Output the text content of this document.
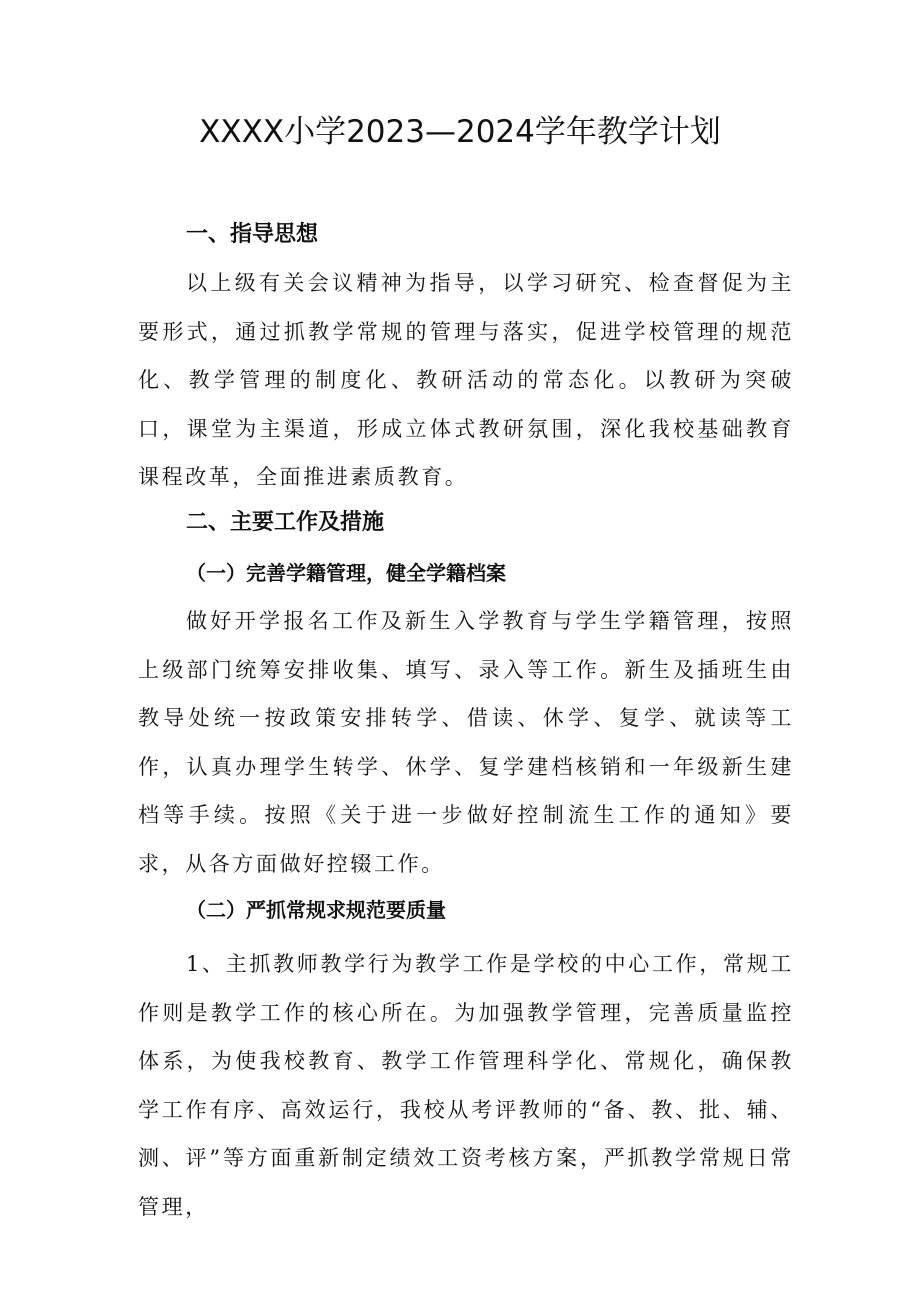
XXXX小学2023—2024学年教学计划
一、指导思想

以上级有关会议精神为指导，以学习研究、检查督促为主要形式，通过抓教学常规的管理与落实，促进学校管理的规范化、教学管理的制度化、教研活动的常态化。以教研为突破口，课堂为主渠道，形成立体式教研氛围，深化我校基础教育课程改革，全面推进素质教育。

二、主要工作及措施
（一）完善学籍管理，健全学籍档案

做好开学报名工作及新生入学教育与学生学籍管理，按照上级部门统筹安排收集、填写、录入等工作。新生及插班生由教导处统一按政策安排转学、借读、休学、复学、就读等工作，认真办理学生转学、休学、复学建档核销和一年级新生建档等手续。按照《关于进一步做好控制流生工作的通知》要求，从各方面做好控辍工作。

（二）严抓常规求规范要质量

1、主抓教师教学行为教学工作是学校的中心工作，常规工作则是教学工作的核心所在。为加强教学管理，完善质量监控体系，为使我校教育、教学工作管理科学化、常规化，确保教学工作有序、高效运行，我校从考评教师的“备、教、批、辅、测、评”等方面重新制定绩效工资考核方案，严抓教学常规日常管理，
